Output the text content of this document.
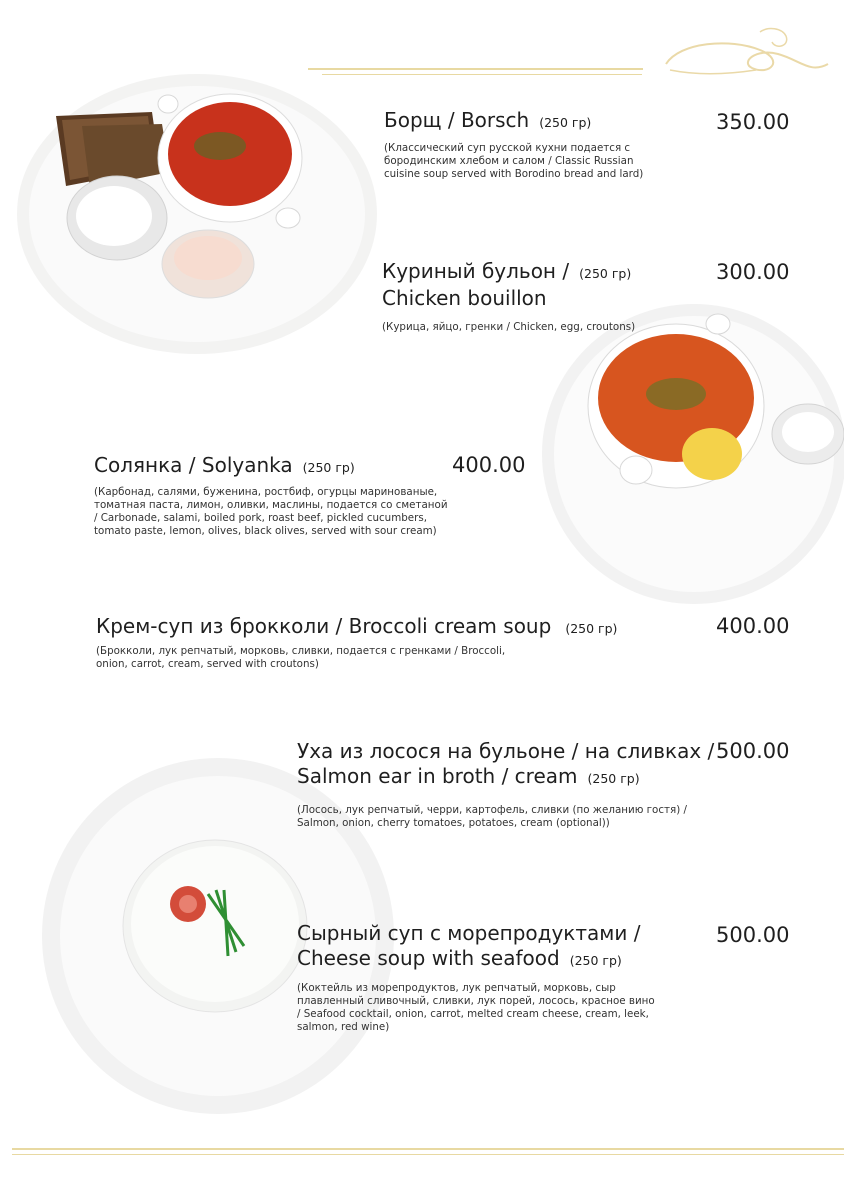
Борщ / Borsch (250 гр)	350.00
(Классический суп русской кухни подается с
бородинским хлебом и салом / Classic Russian
cuisine soup served with Borodino bread and lard)
Куриный бульон / (250 гр)
Chicken bouillon
300.00
(Курица, яйцо, гренки / Chicken, egg, croutons)
Солянка / Solyanka (250 гр)	400.00
(Карбонад, салями, буженина, ростбиф, огурцы маринованые,
томатная паста, лимон, оливки, маслины, подается со сметаной
/ Carbonade, salami, boiled pork, roast beef, pickled cucumbers,
tomato paste, lemon, olives, black olives, served with sour cream)
Крем-суп из брокколи / Broccoli cream soup (250 гр)	400.00
(Брокколи, лук репчатый, морковь, сливки, подается с гренками / Broccoli,
onion, carrot, cream, served with croutons)
Уха из лосося на бульоне / на сливках /
Salmon ear in broth / cream (250 гр)
500.00
(Лосось, лук репчатый, черри, картофель, сливки (по желанию гостя) /
Salmon, onion, cherry tomatoes, potatoes, cream (optional))
Сырный суп с морепродуктами /
Cheese soup with seafood (250 гр)
500.00
(Коктейль из морепродуктов, лук репчатый, морковь, сыр
плавленный сливочный, сливки, лук порей, лосось, красное вино
/ Seafood cocktail, onion, carrot, melted cream cheese, cream, leek,
salmon, red wine)
